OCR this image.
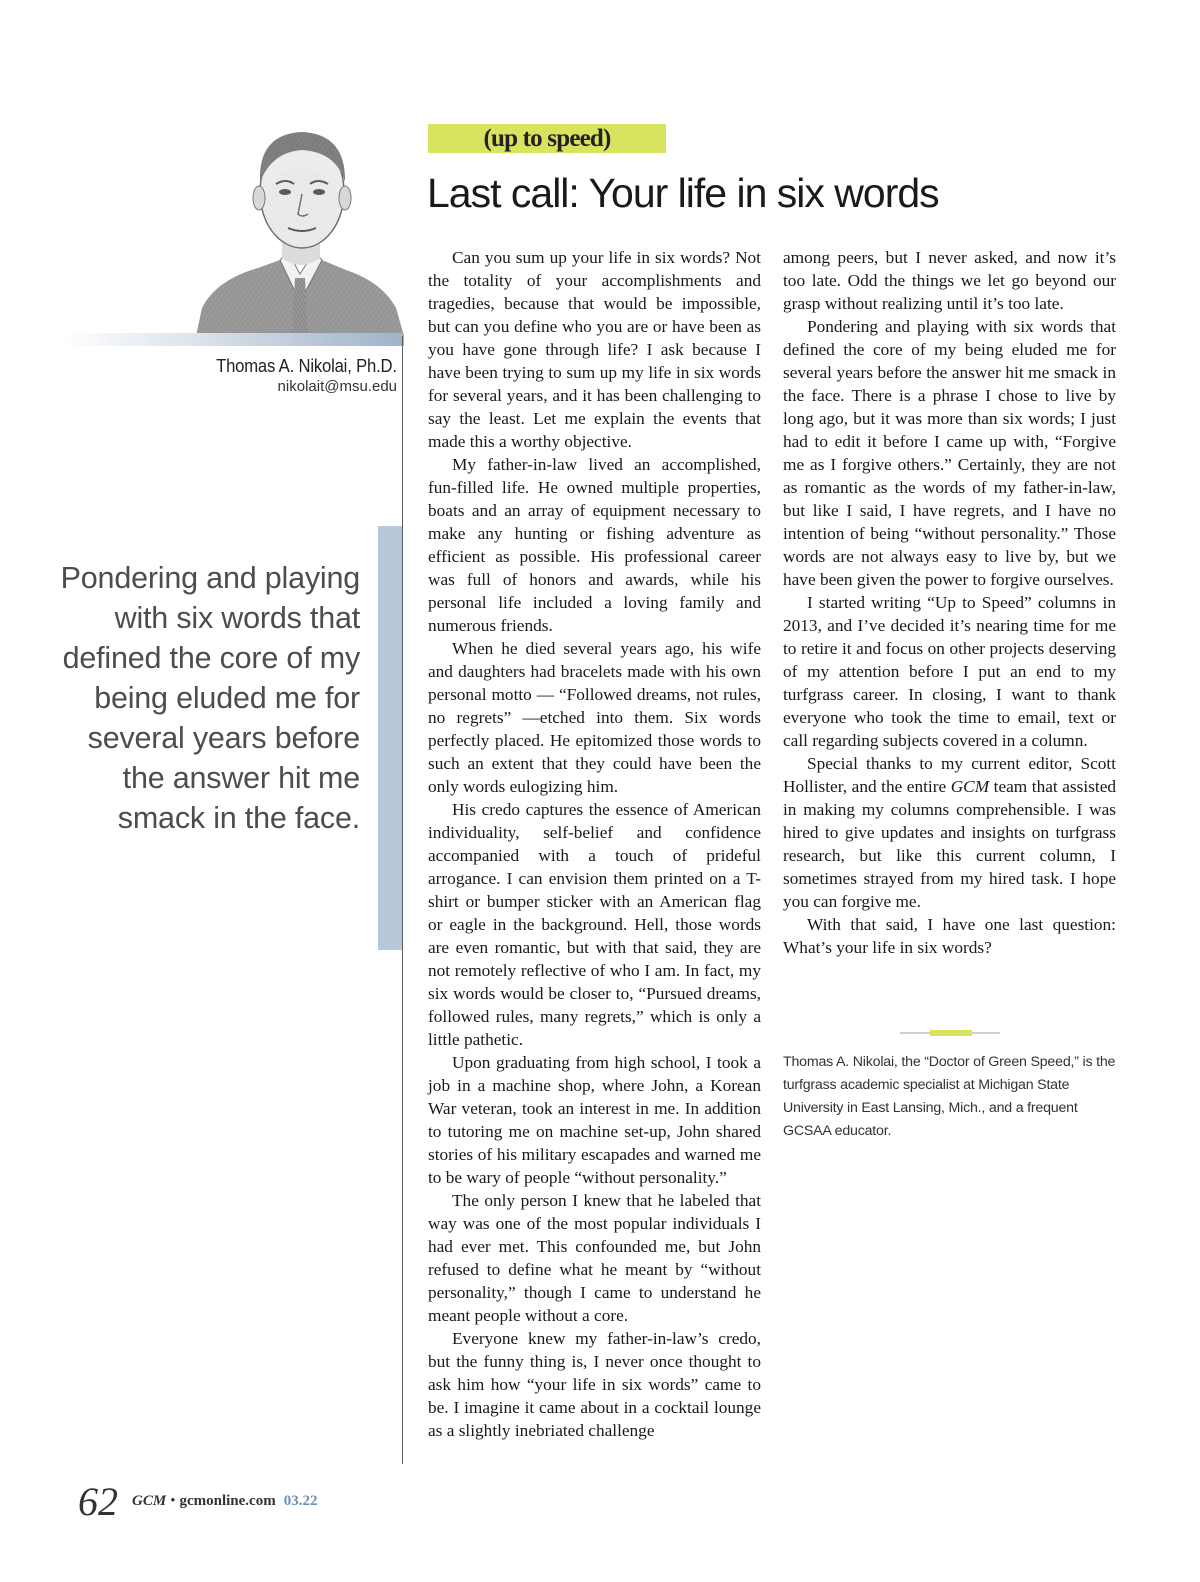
Thomas A. Nikolai, Ph.D.
nikolait@msu.edu
Pondering and playing with six words that defined the core of my being eluded me for several years before the answer hit me smack in the face.
(up to speed)
Last call: Your life in six words

Can you sum up your life in six words? Not the totality of your accomplishments and tragedies, because that would be impossible, but can you define who you are or have been as you have gone through life? I ask because I have been trying to sum up my life in six words for several years, and it has been challenging to say the least. Let me explain the events that made this a worthy objective.

My father-in-law lived an accomplished, fun-filled life. He owned multiple properties, boats and an array of equipment necessary to make any hunting or fishing adventure as efficient as possible. His professional career was full of honors and awards, while his personal life included a loving family and numerous friends.

When he died several years ago, his wife and daughters had bracelets made with his own personal motto — “Followed dreams, not rules, no regrets” —etched into them. Six words perfectly placed. He epitomized those words to such an extent that they could have been the only words eulogizing him.

His credo captures the essence of American individuality, self-belief and confidence accompanied with a touch of prideful arrogance. I can envision them printed on a T-shirt or bumper sticker with an American flag or eagle in the background. Hell, those words are even romantic, but with that said, they are not remotely reflective of who I am. In fact, my six words would be closer to, “Pursued dreams, followed rules, many regrets,” which is only a little pathetic.

Upon graduating from high school, I took a job in a machine shop, where John, a Korean War veteran, took an interest in me. In addition to tutoring me on machine set-up, John shared stories of his military escapades and warned me to be wary of people “without personality.”

The only person I knew that he labeled that way was one of the most popular individuals I had ever met. This confounded me, but John refused to define what he meant by “without personality,” though I came to understand he meant people without a core.

Everyone knew my father-in-law’s credo, but the funny thing is, I never once thought to ask him how “your life in six words” came to be. I imagine it came about in a cocktail lounge as a slightly inebriated challenge

among peers, but I never asked, and now it’s too late. Odd the things we let go beyond our grasp without realizing until it’s too late.

Pondering and playing with six words that defined the core of my being eluded me for several years before the answer hit me smack in the face. There is a phrase I chose to live by long ago, but it was more than six words; I just had to edit it before I came up with, “Forgive me as I forgive others.” Certainly, they are not as romantic as the words of my father-in-law, but like I said, I have regrets, and I have no intention of being “without personality.” Those words are not always easy to live by, but we have been given the power to forgive ourselves.

I started writing “Up to Speed” columns in 2013, and I’ve decided it’s nearing time for me to retire it and focus on other projects deserving of my attention before I put an end to my turfgrass career. In closing, I want to thank everyone who took the time to email, text or call regarding subjects covered in a column.

Special thanks to my current editor, Scott Hollister, and the entire GCM team that assisted in making my columns comprehensible. I was hired to give updates and insights on turfgrass research, but like this current column, I sometimes strayed from my hired task. I hope you can forgive me.

With that said, I have one last question: What’s your life in six words?

Thomas A. Nikolai, the “Doctor of Green Speed,” is the turfgrass academic specialist at Michigan State University in East Lansing, Mich., and a frequent GCSAA educator.
62 GCM • gcmonline.com 03.22
